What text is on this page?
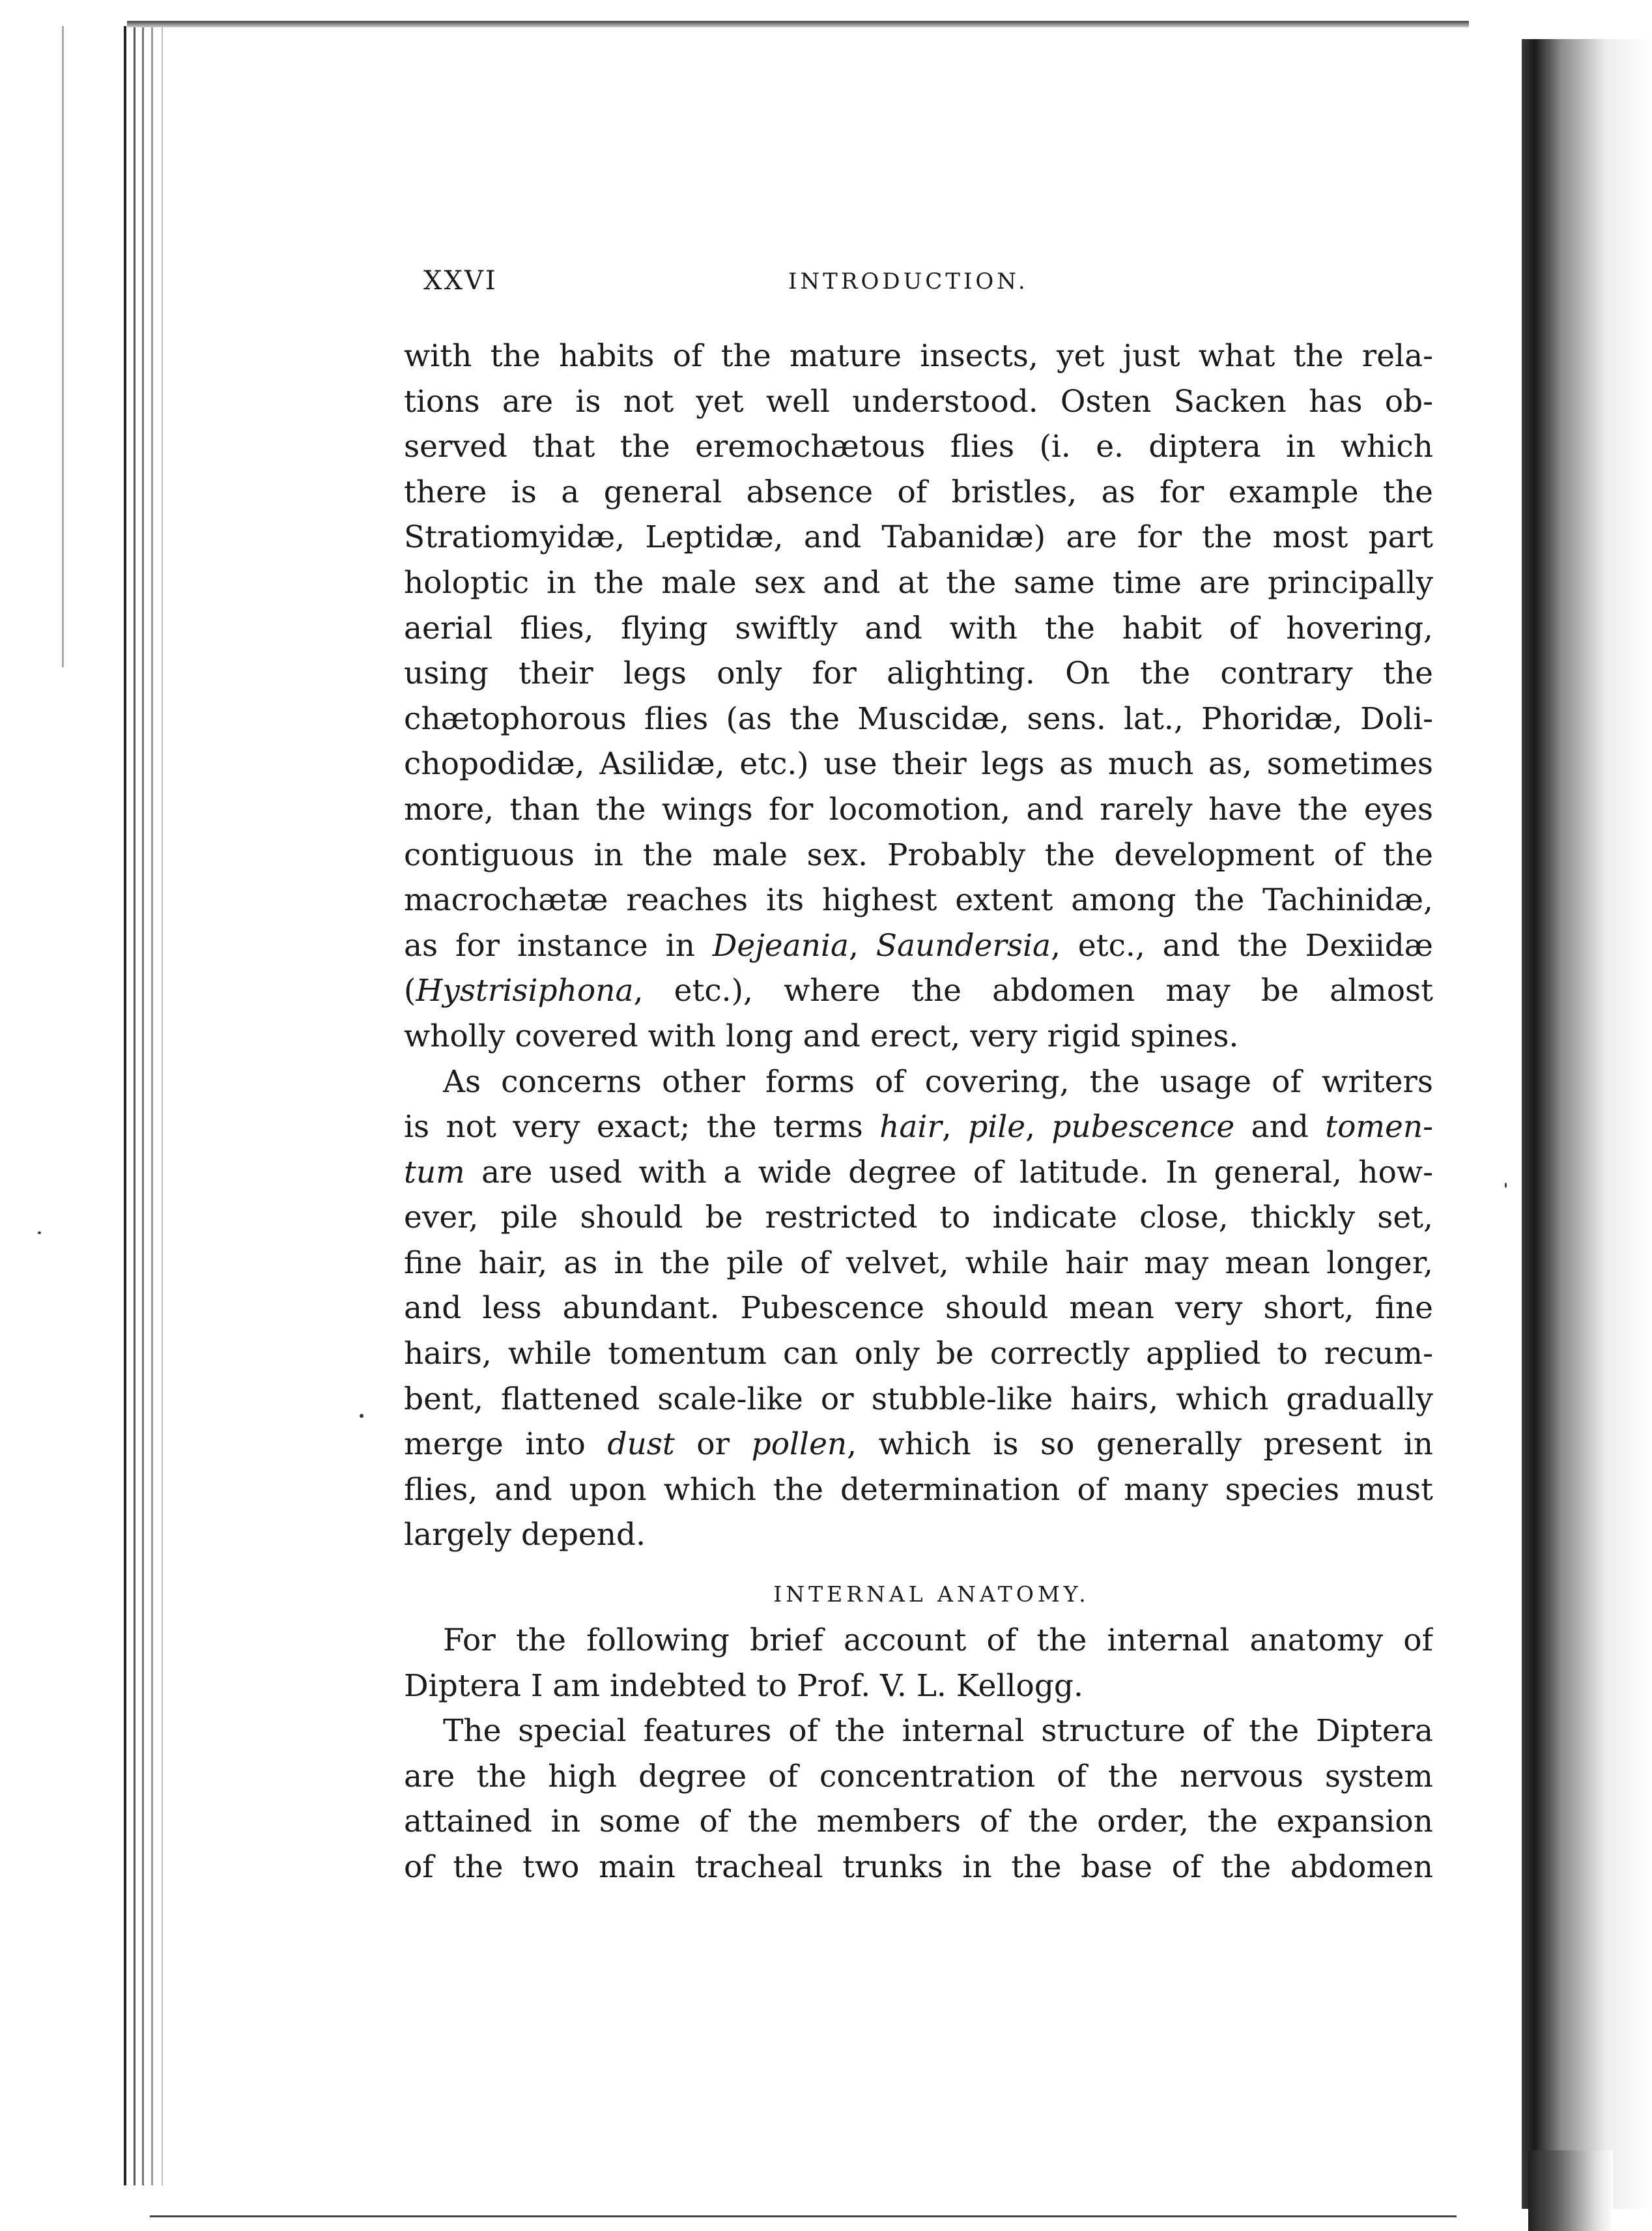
XXVI	INTRODUCTION.
with the habits of the mature insects, yet just what the rela-
tions are is not yet well understood. Osten Sacken has ob-
served that the eremochætous flies (i. e. diptera in which
there is a general absence of bristles, as for example the
Stratiomyidæ, Leptidæ, and Tabanidæ) are for the most part
holoptic in the male sex and at the same time are principally
aerial flies, flying swiftly and with the habit of hovering,
using their legs only for alighting. On the contrary the
chætophorous flies (as the Muscidæ, sens. lat., Phoridæ, Doli-
chopodidæ, Asilidæ, etc.) use their legs as much as, sometimes
more, than the wings for locomotion, and rarely have the eyes
contiguous in the male sex. Probably the development of the
macrochætæ reaches its highest extent among the Tachinidæ,
as for instance in Dejeania, Saundersia, etc., and the Dexiidæ
(Hystrisiphona, etc.), where the abdomen may be almost
wholly covered with long and erect, very rigid spines.
As concerns other forms of covering, the usage of writers
is not very exact; the terms hair, pile, pubescence and tomen-
tum are used with a wide degree of latitude. In general, how-
ever, pile should be restricted to indicate close, thickly set,
fine hair, as in the pile of velvet, while hair may mean longer,
and less abundant. Pubescence should mean very short, fine
hairs, while tomentum can only be correctly applied to recum-
bent, flattened scale-like or stubble-like hairs, which gradually
merge into dust or pollen, which is so generally present in
flies, and upon which the determination of many species must
largely depend.
INTERNAL ANATOMY.
For the following brief account of the internal anatomy of
Diptera I am indebted to Prof. V. L. Kellogg.
The special features of the internal structure of the Diptera
are the high degree of concentration of the nervous system
attained in some of the members of the order, the expansion
of the two main tracheal trunks in the base of the abdomen
